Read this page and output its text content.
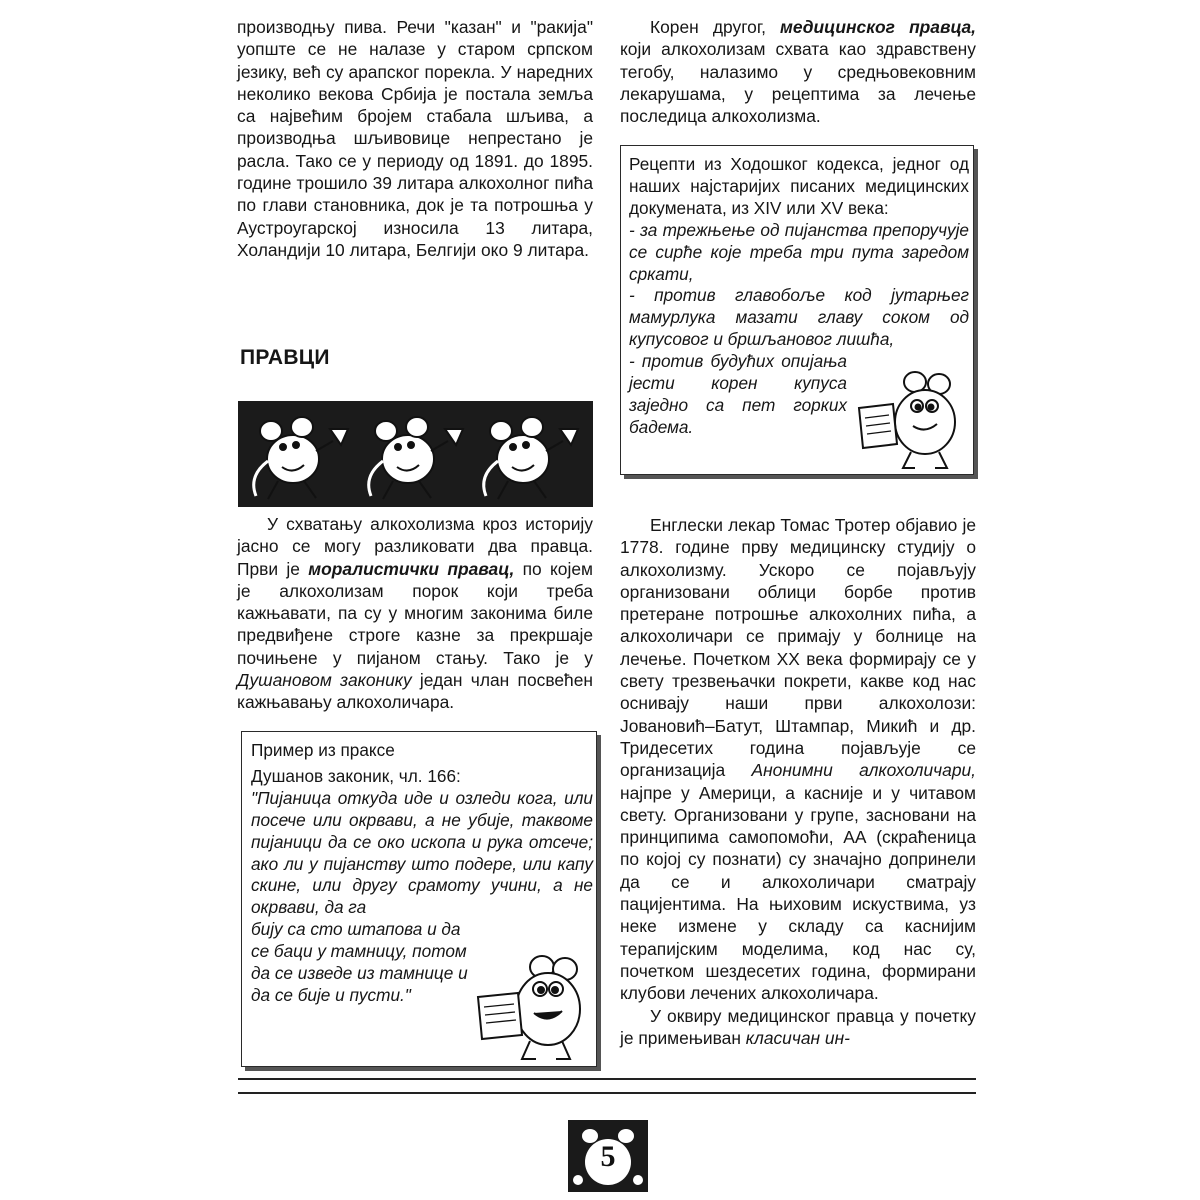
производњу пива. Речи "казан" и "ракија" уопште се не налазе у старом српском језику, већ су арапског порекла. У наредних неколико векова Србија је постала земља са највећим бројем стабала шљива, а производња шљивовице непрестано је расла. Тако се у периоду од 1891. до 1895. године трошило 39 литара алкохолног пића по глави становника, док је та потрошња у Аустроугарској износила 13 литара, Холандији 10 литара, Белгији око 9 литара.

ПРАВЦИ

У схватању алкохолизма кроз историју јасно се могу разликовати два правца. Први је моралистички правац, по којем је алкохолизам порок који треба кажњавати, па су у многим законима биле предвиђене строге казне за прекршаје почињене у пијаном стању. Тако је у Душановом законику један члан посвећен кажњавању алкохоличара.

Пример из праксе

Душанов законик, чл. 166:

"Пијаница откуда иде и озледи кога, или посече или окрвави, а не убије, таквоме пијаници да се око ископа и рука отсече; ако ли у пијанству што подере, или капу скине, или другу срамоту учини, а не окрвави, да га

бију са сто штапова и да се баци у тамницу, потом да се изведе из тамнице и да се бије и пусти."

Корен другог, медицинског правца, који алкохолизам схвата као здравствену тегобу, налазимо у средњовековним лекарушама, у рецептима за лечење последица алкохолизма.

Рецепти из Ходошког кодекса, једног од наших најстаријих писаних медицинских докумената, из XIV или XV века:

- за трежњење од пијанства препоручује се сирће које треба три пута заредом сркати,

- против главобоље код јутарњег мамурлука мазати главу соком од купусовог и бршљановог лишћа,

- против будућих опијања јести корен купуса заједно са пет горких бадема.

Енглески лекар Томас Тротер објавио је 1778. године прву медицинску студију о алкохолизму. Ускоро се појављују организовани облици борбе против претеране потрошње алкохолних пића, а алкохоличари се примају у болнице на лечење. Почетком XX века формирају се у свету трезвењачки покрети, какве код нас оснивају наши први алкохолози: Јовановић–Батут, Штампар, Микић и др. Тридесетих година појављује се организација Анонимни алкохоличари, најпре у Америци, а касније и у читавом свету. Организовани у групе, засновани на принципима самопомоћи, АА (скраћеница по којој су познати) су значајно допринели да се и алкохоличари сматрају пацијентима. На њиховим искуствима, уз неке измене у складу са каснијим терапијским моделима, код нас су, почетком шездесетих година, формирани клубови лечених алкохоличара.

У оквиру медицинског правца у почетку је примењиван класичан ин-

5
